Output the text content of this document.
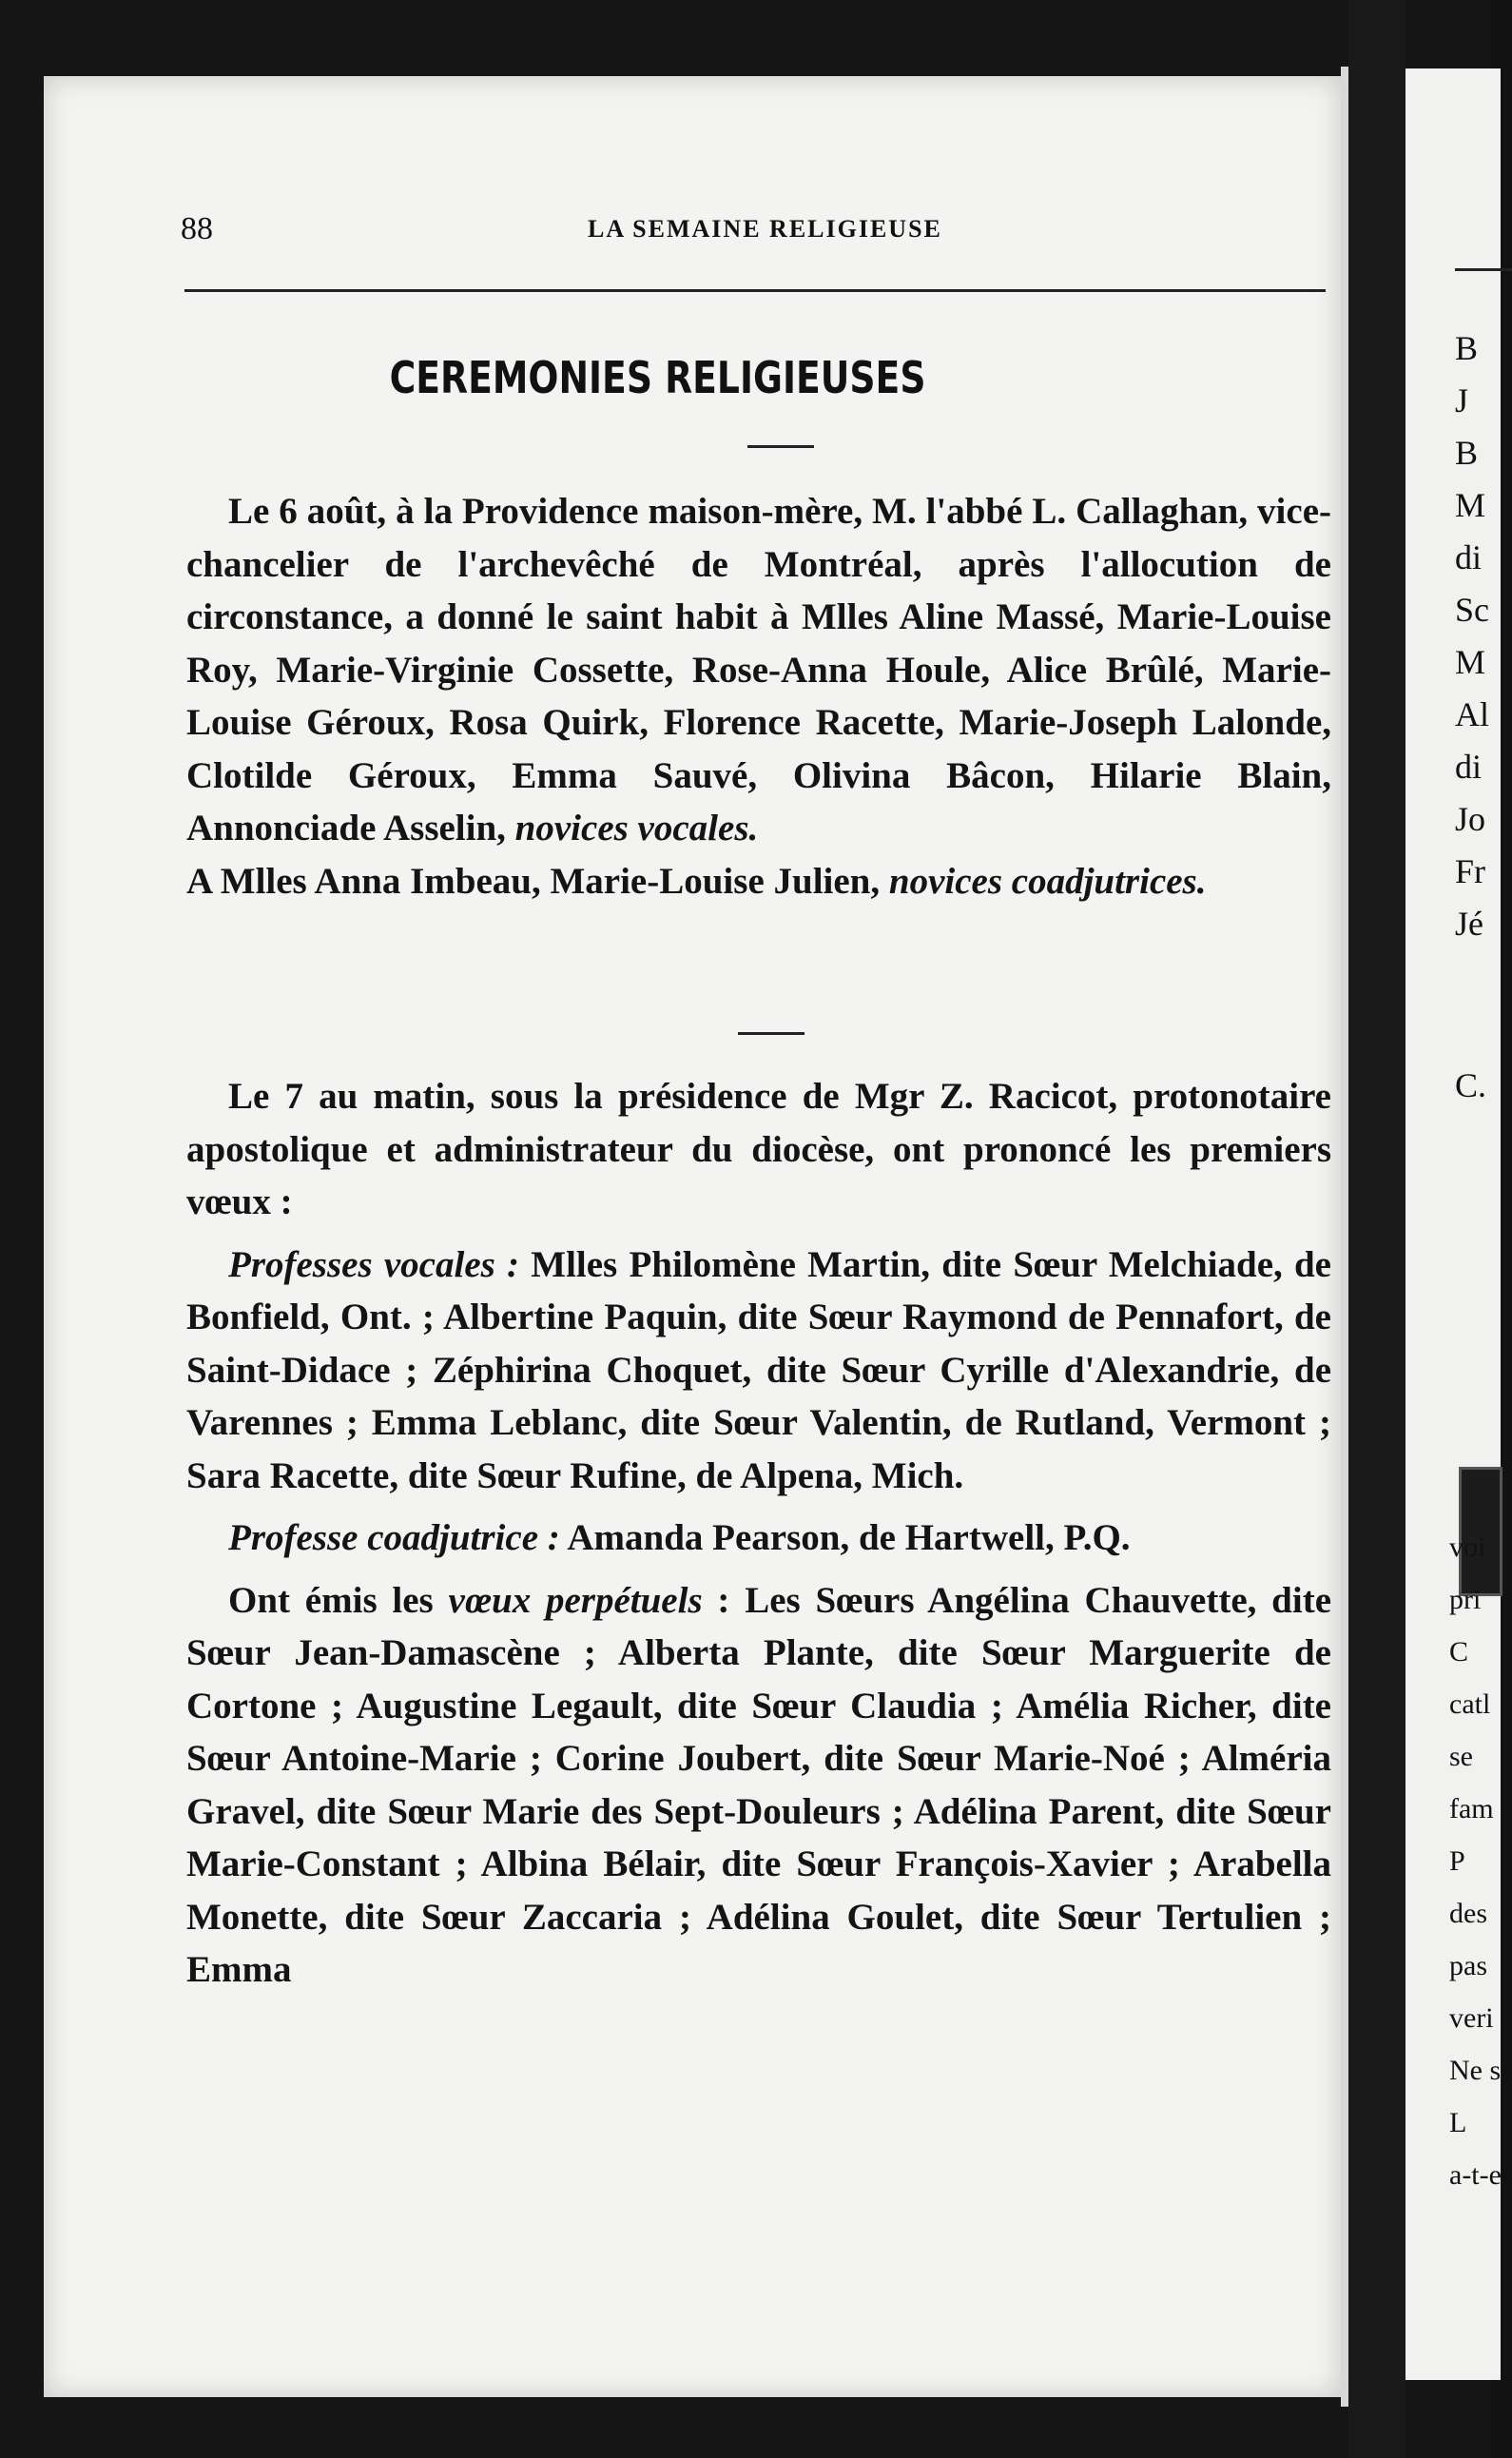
B
J
B
M
di
Sc
M
Al
di
Jo
Fr
Jé
C.
voi
pri
C
catl
se
fam
P
des
pas
veri
Ne s
L
a-t-e
88	LA SEMAINE RELIGIEUSE
CEREMONIES RELIGIEUSES

Le 6 août, à la Providence maison-mère, M. l'abbé L. Callaghan, vice-chancelier de l'archevêché de Montréal, après l'allocution de circonstance, a donné le saint habit à Mlles Aline Massé, Marie-Louise Roy, Marie-Virginie Cossette, Rose-Anna Houle, Alice Brûlé, Marie-Louise Géroux, Rosa Quirk, Florence Racette, Marie-Joseph Lalonde, Clotilde Géroux, Emma Sauvé, Olivina Bâcon, Hilarie Blain, Annonciade Asselin, novices vocales.

A Mlles Anna Imbeau, Marie-Louise Julien, novices coadjutrices.

Le 7 au matin, sous la présidence de Mgr Z. Racicot, protonotaire apostolique et administrateur du diocèse, ont prononcé les premiers vœux :

Professes vocales : Mlles Philomène Martin, dite Sœur Melchiade, de Bonfield, Ont. ; Albertine Paquin, dite Sœur Raymond de Pennafort, de Saint-Didace ; Zéphirina Choquet, dite Sœur Cyrille d'Alexandrie, de Varennes ; Emma Leblanc, dite Sœur Valentin, de Rutland, Vermont ; Sara Racette, dite Sœur Rufine, de Alpena, Mich.

Professe coadjutrice : Amanda Pearson, de Hartwell, P.Q.

Ont émis les vœux perpétuels : Les Sœurs Angélina Chauvette, dite Sœur Jean-Damascène ; Alberta Plante, dite Sœur Marguerite de Cortone ; Augustine Legault, dite Sœur Claudia ; Amélia Richer, dite Sœur Antoine-Marie ; Corine Joubert, dite Sœur Marie-Noé ; Alméria Gravel, dite Sœur Marie des Sept-Douleurs ; Adélina Parent, dite Sœur Marie-Constant ; Albina Bélair, dite Sœur François-Xavier ; Arabella Monette, dite Sœur Zaccaria ; Adélina Goulet, dite Sœur Tertulien ; Emma
